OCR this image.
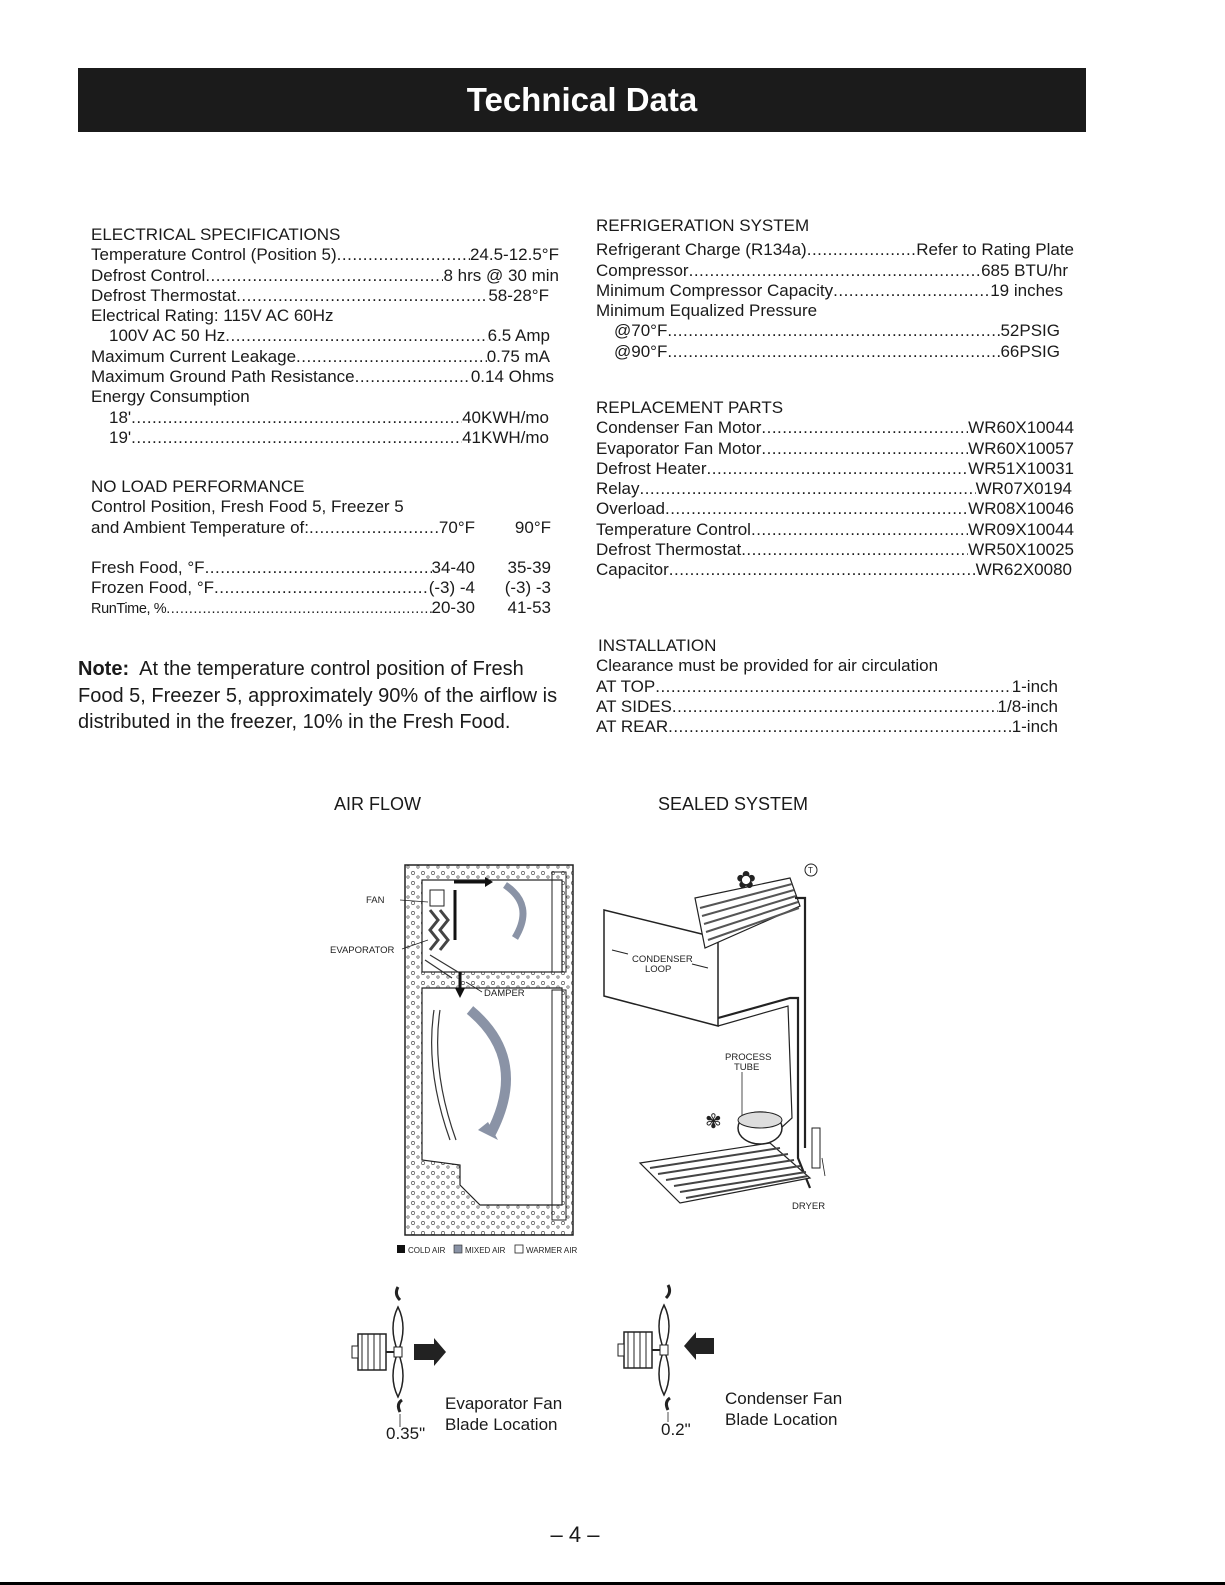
Technical Data
ELECTRICAL SPECIFICATIONS
Temperature Control (Position 5) .....	24.5-12.5°F
Defrost Control .....	8 hrs @ 30 min
Defrost Thermostat .....	58-28°F
Electrical Rating: 115V AC 60Hz
100V AC 50 Hz .....	6.5 Amp
Maximum Current Leakage .....	0.75 mA
Maximum Ground Path Resistance .....	0.14 Ohms
Energy Consumption
18' .....	40KWH/mo
19' .....	41KWH/mo
NO LOAD PERFORMANCE
Control Position, Fresh Food 5, Freezer 5
and Ambient Temperature of: .....	70°F	90°F
Fresh Food, °F .....	34-40	35-39
Frozen Food, °F .....	(-3) -4	(-3) -3
RunTime, % .....	20-30	41-53
Note: At the temperature control position of Fresh Food 5, Freezer 5, approximately 90% of the airflow is distributed in the freezer, 10% in the Fresh Food.
REFRIGERATION SYSTEM
Refrigerant Charge (R134a) .....	Refer to Rating Plate
Compressor .....	685 BTU/hr
Minimum Compressor Capacity .....	19 inches
Minimum Equalized Pressure
@70°F .....	52PSIG
@90°F .....	66PSIG
REPLACEMENT PARTS
Condenser Fan Motor .....	WR60X10044
Evaporator Fan Motor .....	WR60X10057
Defrost Heater .....	WR51X10031
Relay .....	WR07X0194
Overload .....	WR08X10046
Temperature Control .....	WR09X10044
Defrost Thermostat .....	WR50X10025
Capacitor .....	WR62X0080
INSTALLATION
Clearance must be provided for air circulation
AT TOP .....	1-inch
AT SIDES .....	1/8-inch
AT REAR .....	1-inch
AIR FLOW	SEALED SYSTEM
FAN
EVAPORATOR
DAMPER
COLD AIR MIXED AIR	WARMER AIR
CONDENSER
LOOP
✿	T
PROCESS
TUBE
✾
DRYER
0.35"
Evaporator Fan
Blade Location	0.2"
Condenser Fan
Blade Location
– 4 –
